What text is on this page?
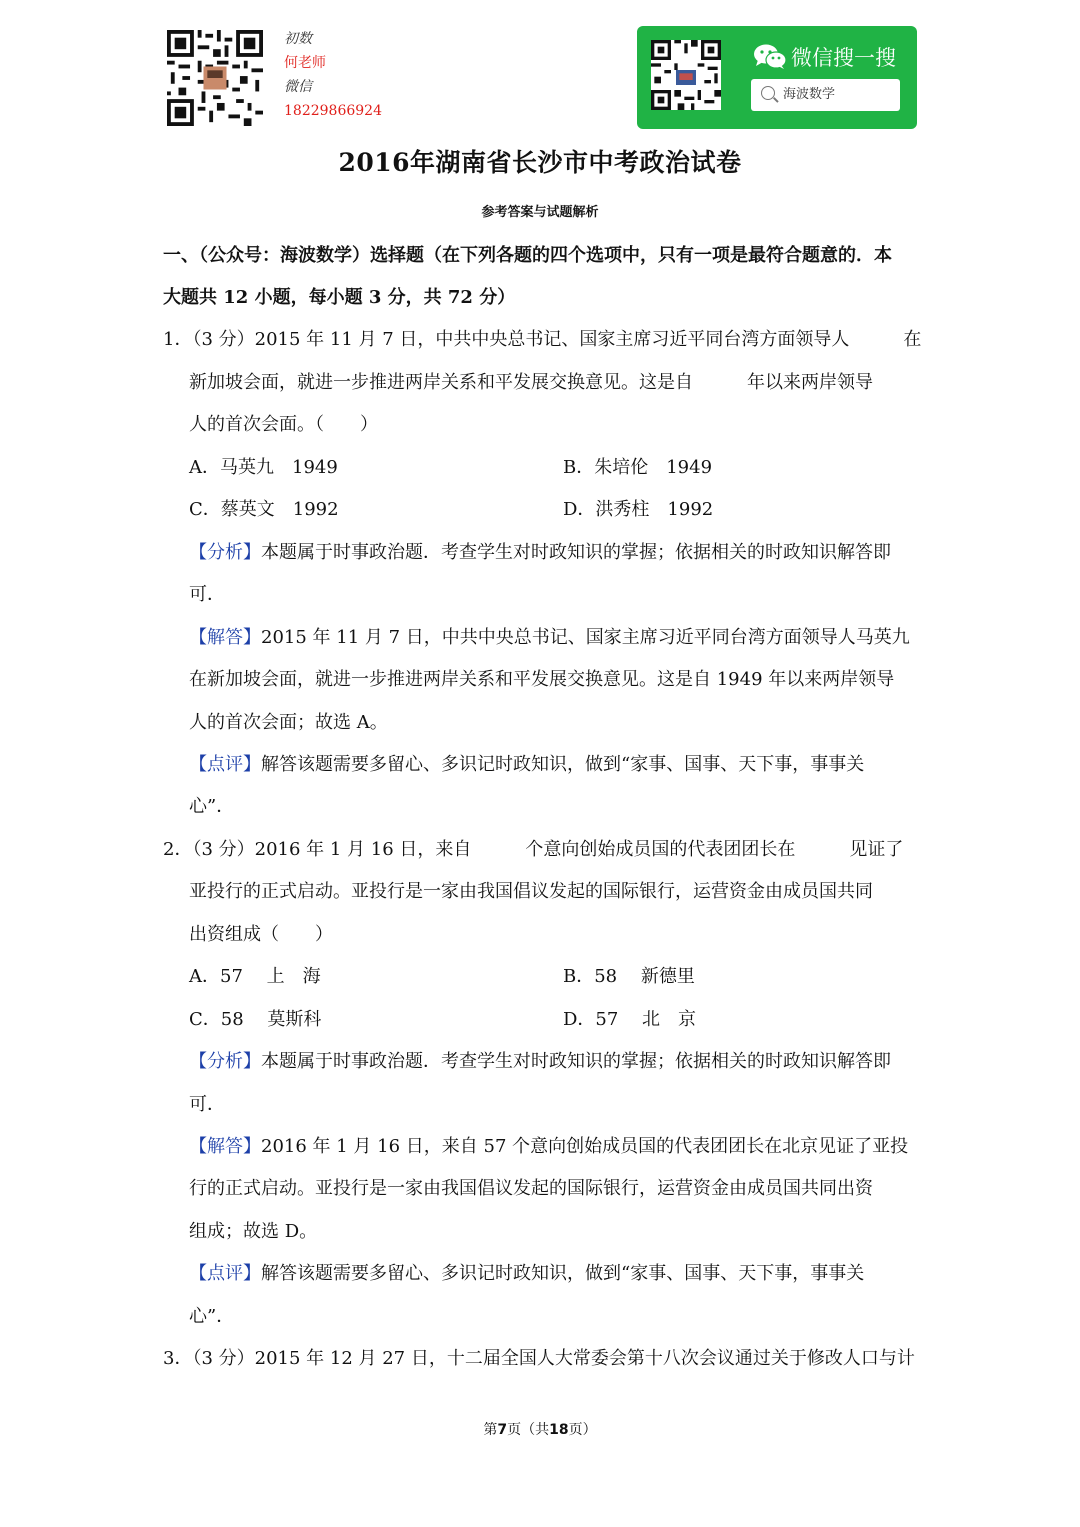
初数
何老师
微信
18229866924
微信搜一搜
海波数学
2016年湖南省长沙市中考政治试卷
参考答案与试题解析
一、（公众号：海波数学）选择题（在下列各题的四个选项中，只有一项是最符合题意的．本
大题共 12 小题，每小题 3 分，共 72 分）
1．（3 分）2015 年 11 月 7 日，中共中央总书记、国家主席习近平同台湾方面领导人　　　在
新加坡会面，就进一步推进两岸关系和平发展交换意见。这是自　　　年以来两岸领导
人的首次会面。（　　）
A．马英九　1949	B．朱培伦　1949
C．蔡英文　1992	D．洪秀柱　1992
【分析】本题属于时事政治题．考查学生对时政知识的掌握；依据相关的时政知识解答即
可．
【解答】2015 年 11 月 7 日，中共中央总书记、国家主席习近平同台湾方面领导人马英九
在新加坡会面，就进一步推进两岸关系和平发展交换意见。这是自 1949 年以来两岸领导
人的首次会面；故选 A。
【点评】解答该题需要多留心、多识记时政知识，做到“家事、国事、天下事，事事关
心”．
2．（3 分）2016 年 1 月 16 日，来自　　　个意向创始成员国的代表团团长在　　　见证了
亚投行的正式启动。亚投行是一家由我国倡议发起的国际银行，运营资金由成员国共同
出资组成（　　）
A．57　 上　海	B．58　 新德里
C．58　 莫斯科	D．57　 北　京
【分析】本题属于时事政治题．考查学生对时政知识的掌握；依据相关的时政知识解答即
可．
【解答】2016 年 1 月 16 日，来自 57 个意向创始成员国的代表团团长在北京见证了亚投
行的正式启动。亚投行是一家由我国倡议发起的国际银行，运营资金由成员国共同出资
组成；故选 D。
【点评】解答该题需要多留心、多识记时政知识，做到“家事、国事、天下事，事事关
心”．
3．（3 分）2015 年 12 月 27 日，十二届全国人大常委会第十八次会议通过关于修改人口与计
第7页（共18页）
